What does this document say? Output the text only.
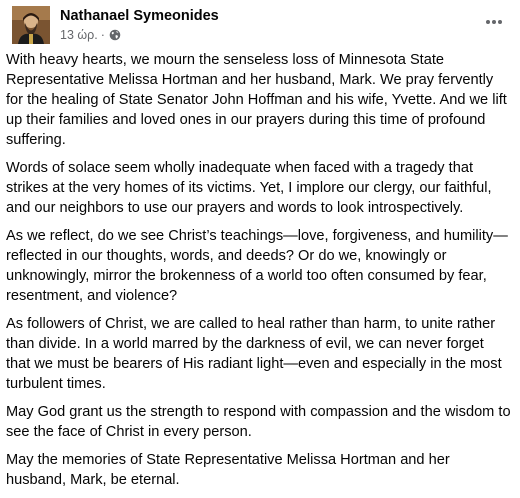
Nathanael Symeonides
13 ώρ. ·

With heavy hearts, we mourn the senseless loss of Minnesota State Representative Melissa Hortman and her husband, Mark. We pray fervently for the healing of State Senator John Hoffman and his wife, Yvette. And we lift up their families and loved ones in our prayers during this time of profound suffering.

Words of solace seem wholly inadequate when faced with a tragedy that strikes at the very homes of its victims. Yet, I implore our clergy, our faithful, and our neighbors to use our prayers and words to look introspectively.

As we reflect, do we see Christ’s teachings—love, forgiveness, and humility—reflected in our thoughts, words, and deeds? Or do we, knowingly or unknowingly, mirror the brokenness of a world too often consumed by fear, resentment, and violence?

As followers of Christ, we are called to heal rather than harm, to unite rather than divide. In a world marred by the darkness of evil, we can never forget that we must be bearers of His radiant light—even and especially in the most turbulent times.

May God grant us the strength to respond with compassion and the wisdom to see the face of Christ in every person.

May the memories of State Representative Melissa Hortman and her husband, Mark, be eternal.
